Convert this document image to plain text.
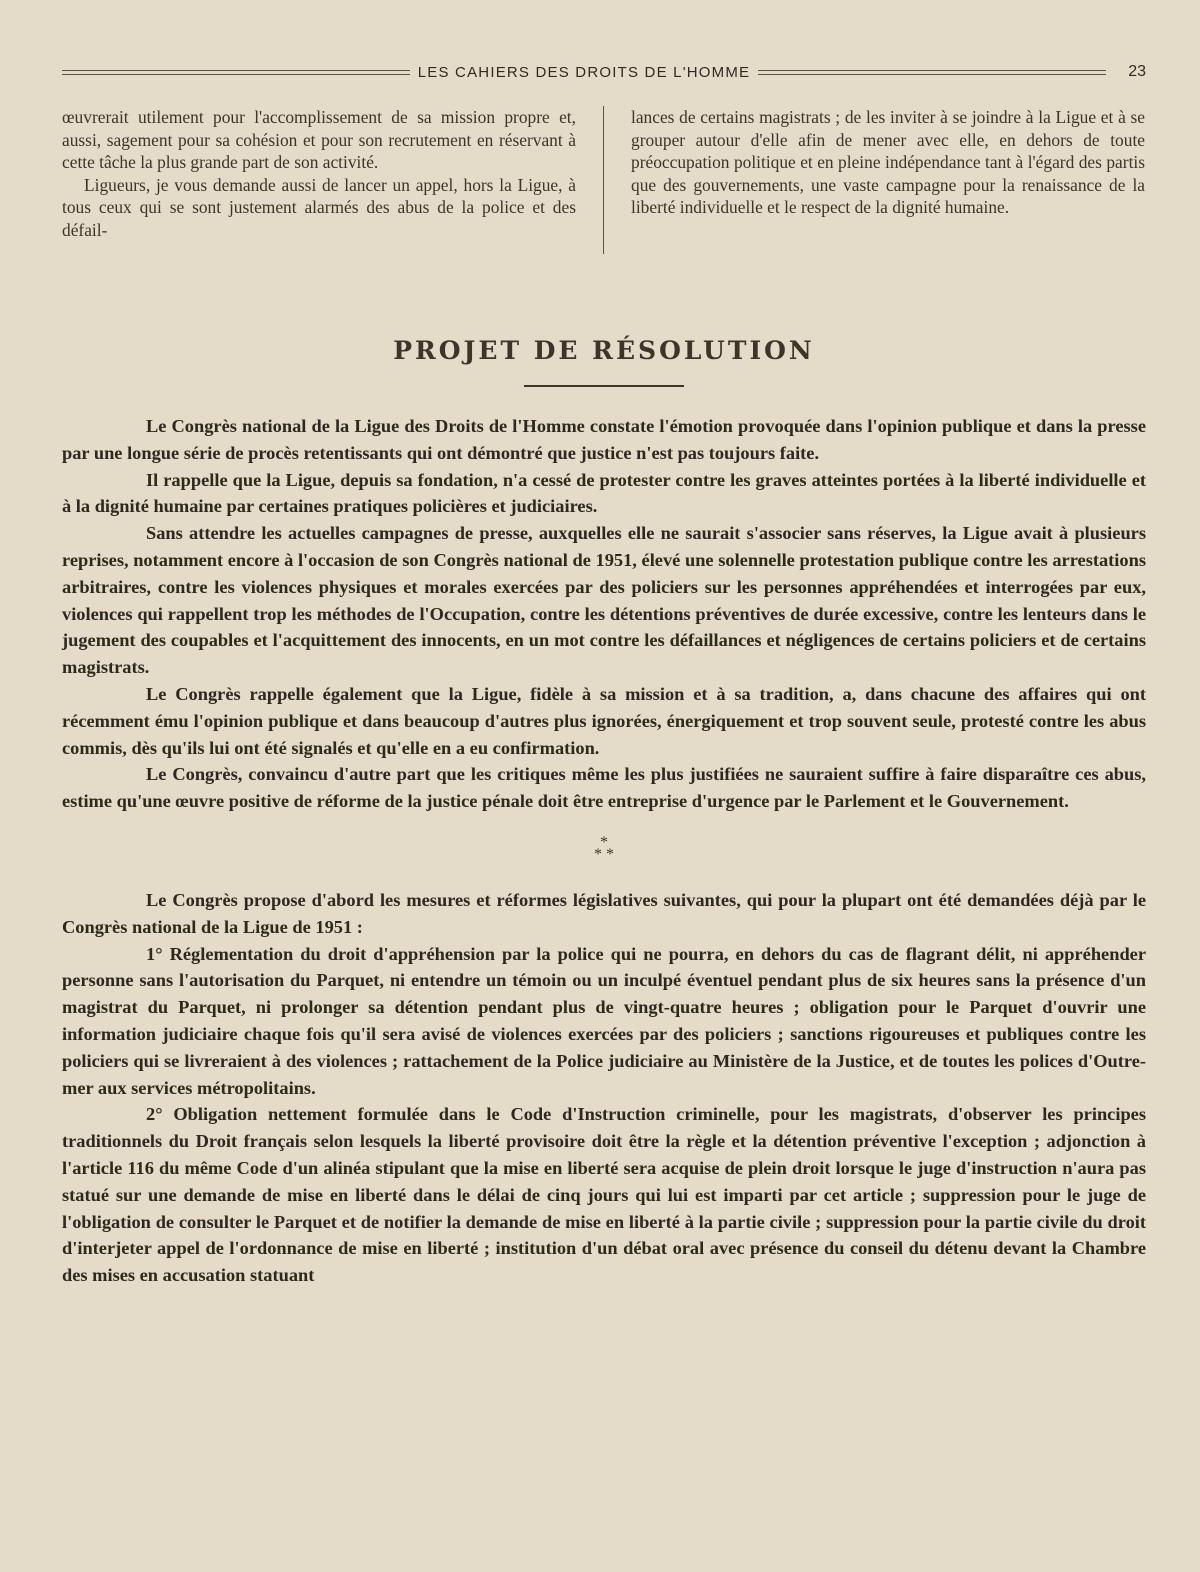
LES CAHIERS DES DROITS DE L'HOMME	23

œuvrerait utilement pour l'accomplissement de sa mission propre et, aussi, sagement pour sa cohésion et pour son recrutement en réservant à cette tâche la plus grande part de son activité.

Ligueurs, je vous demande aussi de lancer un appel, hors la Ligue, à tous ceux qui se sont justement alarmés des abus de la police et des défail-

lances de certains magistrats ; de les inviter à se joindre à la Ligue et à se grouper autour d'elle afin de mener avec elle, en dehors de toute préoccupation politique et en pleine indépendance tant à l'égard des partis que des gouvernements, une vaste campagne pour la renaissance de la liberté individuelle et le respect de la dignité humaine.

PROJET DE RÉSOLUTION

Le Congrès national de la Ligue des Droits de l'Homme constate l'émotion provoquée dans l'opinion publique et dans la presse par une longue série de procès retentissants qui ont démontré que justice n'est pas toujours faite.

Il rappelle que la Ligue, depuis sa fondation, n'a cessé de protester contre les graves atteintes portées à la liberté individuelle et à la dignité humaine par certaines pratiques policières et judiciaires.

Sans attendre les actuelles campagnes de presse, auxquelles elle ne saurait s'associer sans réserves, la Ligue avait à plusieurs reprises, notamment encore à l'occasion de son Congrès national de 1951, élevé une solennelle protestation publique contre les arrestations arbitraires, contre les violences physiques et morales exercées par des policiers sur les personnes appréhendées et interrogées par eux, violences qui rappellent trop les méthodes de l'Occupation, contre les détentions préventives de durée excessive, contre les lenteurs dans le jugement des coupables et l'acquittement des innocents, en un mot contre les défaillances et négligences de certains policiers et de certains magistrats.

Le Congrès rappelle également que la Ligue, fidèle à sa mission et à sa tradition, a, dans chacune des affaires qui ont récemment ému l'opinion publique et dans beaucoup d'autres plus ignorées, énergiquement et trop souvent seule, protesté contre les abus commis, dès qu'ils lui ont été signalés et qu'elle en a eu confirmation.

Le Congrès, convaincu d'autre part que les critiques même les plus justifiées ne sauraient suffire à faire disparaître ces abus, estime qu'une œuvre positive de réforme de la justice pénale doit être entreprise d'urgence par le Parlement et le Gouvernement.

*
* *

Le Congrès propose d'abord les mesures et réformes législatives suivantes, qui pour la plupart ont été demandées déjà par le Congrès national de la Ligue de 1951 :

1° Réglementation du droit d'appréhension par la police qui ne pourra, en dehors du cas de flagrant délit, ni appréhender personne sans l'autorisation du Parquet, ni entendre un témoin ou un inculpé éventuel pendant plus de six heures sans la présence d'un magistrat du Parquet, ni prolonger sa détention pendant plus de vingt-quatre heures ; obligation pour le Parquet d'ouvrir une information judiciaire chaque fois qu'il sera avisé de violences exercées par des policiers ; sanctions rigoureuses et publiques contre les policiers qui se livreraient à des violences ; rattachement de la Police judiciaire au Ministère de la Justice, et de toutes les polices d'Outre-mer aux services métropolitains.

2° Obligation nettement formulée dans le Code d'Instruction criminelle, pour les magistrats, d'observer les principes traditionnels du Droit français selon lesquels la liberté provisoire doit être la règle et la détention préventive l'exception ; adjonction à l'article 116 du même Code d'un alinéa stipulant que la mise en liberté sera acquise de plein droit lorsque le juge d'instruction n'aura pas statué sur une demande de mise en liberté dans le délai de cinq jours qui lui est imparti par cet article ; suppression pour le juge de l'obligation de consulter le Parquet et de notifier la demande de mise en liberté à la partie civile ; suppression pour la partie civile du droit d'interjeter appel de l'ordonnance de mise en liberté ; institution d'un débat oral avec présence du conseil du détenu devant la Chambre des mises en accusation statuant
